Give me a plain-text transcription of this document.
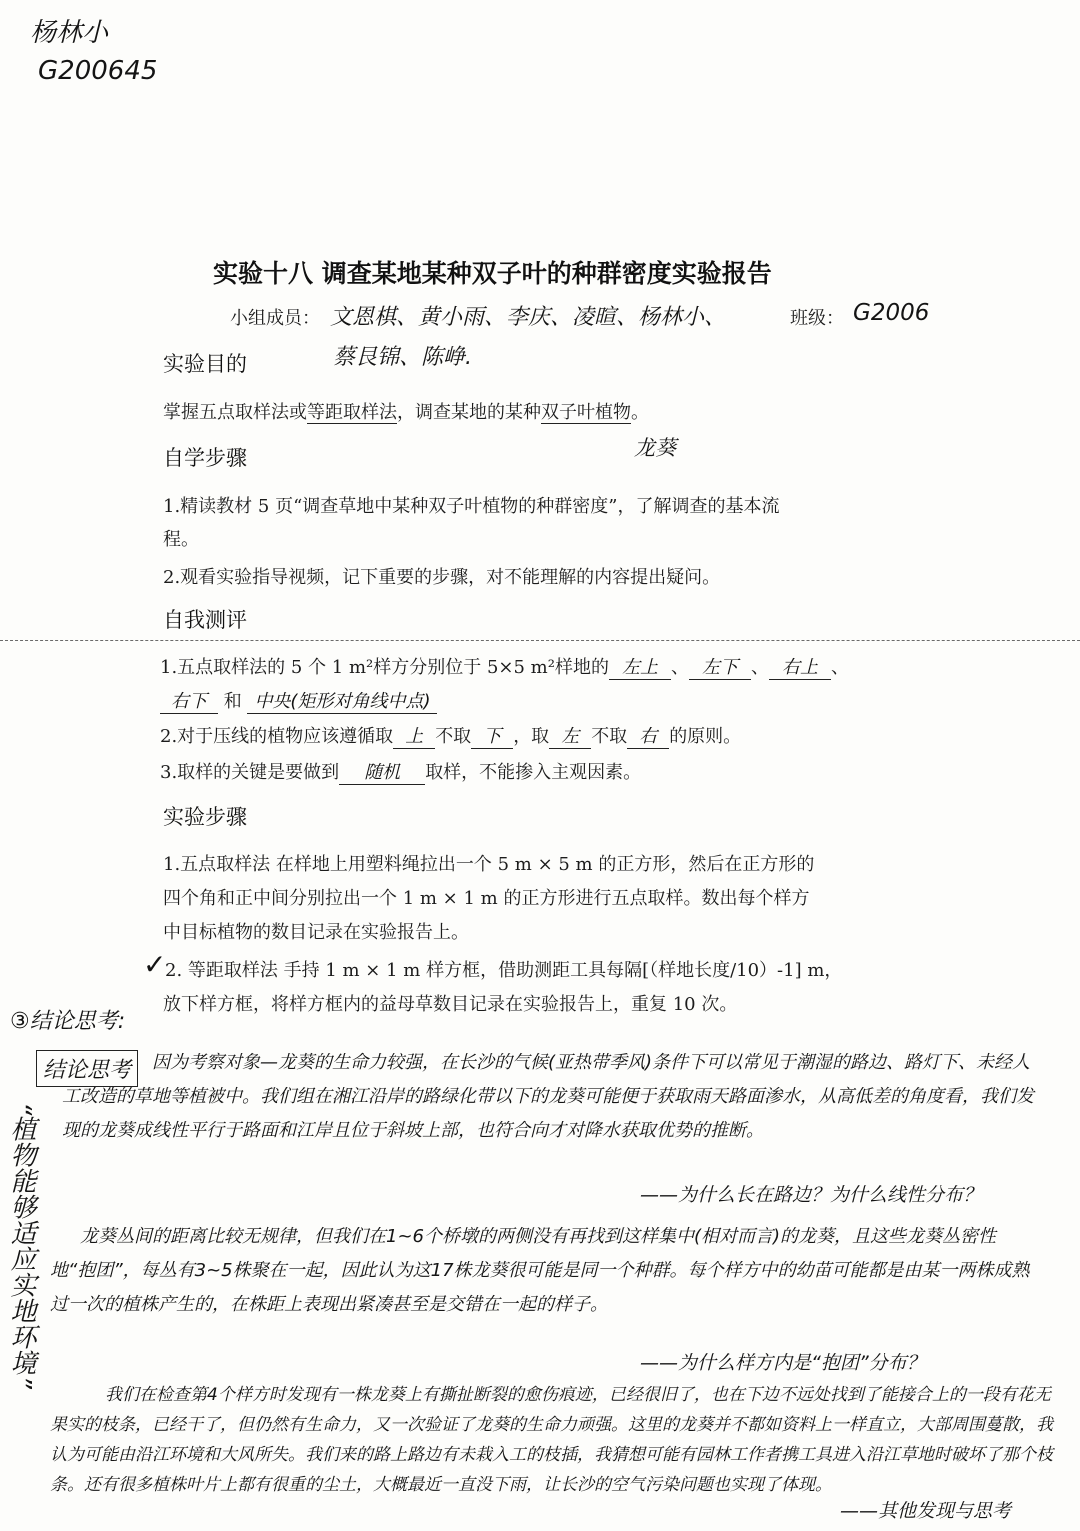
杨林小
G200645
实验十八 调查某地某种双子叶的种群密度实验报告
小组成员： 文恩棋、黄小雨、李庆、凌暄、杨林小、	班级： G2006
蔡艮锦、陈峥.
实验目的
掌握五点取样法或等距取样法，调查某地的某种双子叶植物。
龙葵
自学步骤
1.精读教材 5 页“调查草地中某种双子叶植物的种群密度”，了解调查的基本流
程。
2.观看实验指导视频，记下重要的步骤，对不能理解的内容提出疑问。
自我测评
1.五点取样法的 5 个 1 m²样方分别位于 5×5 m²样地的 左上 、 左下 、 右上 、
右下 和 中央(矩形对角线中点)
2.对于压线的植物应该遵循取 上 不取 下 ，取 左 不取 右 的原则。
3.取样的关键是要做到 随机 取样，不能掺入主观因素。
实验步骤
1.五点取样法 在样地上用塑料绳拉出一个 5 m × 5 m 的正方形，然后在正方形的
四个角和正中间分别拉出一个 1 m × 1 m 的正方形进行五点取样。数出每个样方
中目标植物的数目记录在实验报告上。
✓
2. 等距取样法 手持 1 m × 1 m 样方框，借助测距工具每隔[（样地长度/10）-1] m，
放下样方框，将样方框内的益母草数目记录在实验报告上，重复 10 次。
③结论思考:
结论思考
“植物能够适应实地环境”
因为考察对象—龙葵的生命力较强，在长沙的气候(亚热带季风)条件下可以常见于潮湿的路边、路灯下、未经人工改造的草地等植被中。我们组在湘江沿岸的路绿化带以下的龙葵可能便于获取雨天路面渗水，从高低差的角度看，我们发现的龙葵成线性平行于路面和江岸且位于斜坡上部，也符合向才对降水获取优势的推断。
——为什么长在路边？为什么线性分布？
龙葵丛间的距离比较无规律，但我们在1~6个桥墩的两侧没有再找到这样集中(相对而言)的龙葵，且这些龙葵丛密性地“抱团”，每丛有3~5株聚在一起，因此认为这17株龙葵很可能是同一个种群。每个样方中的幼苗可能都是由某一两株成熟过一次的植株产生的，在株距上表现出紧凑甚至是交错在一起的样子。
——为什么样方内是“抱团”分布？
我们在检查第4个样方时发现有一株龙葵上有撕扯断裂的愈伤痕迹，已经很旧了，也在下边不远处找到了能接合上的一段有花无果实的枝条，已经干了，但仍然有生命力，又一次验证了龙葵的生命力顽强。这里的龙葵并不都如资料上一样直立，大部周围蔓散，我认为可能由沿江环境和大风所失。我们来的路上路边有未栽入工的枝插，我猜想可能有园林工作者携工具进入沿江草地时破坏了那个枝条。还有很多植株叶片上都有很重的尘土，大概最近一直没下雨，让长沙的空气污染问题也实现了体现。
——其他发现与思考
